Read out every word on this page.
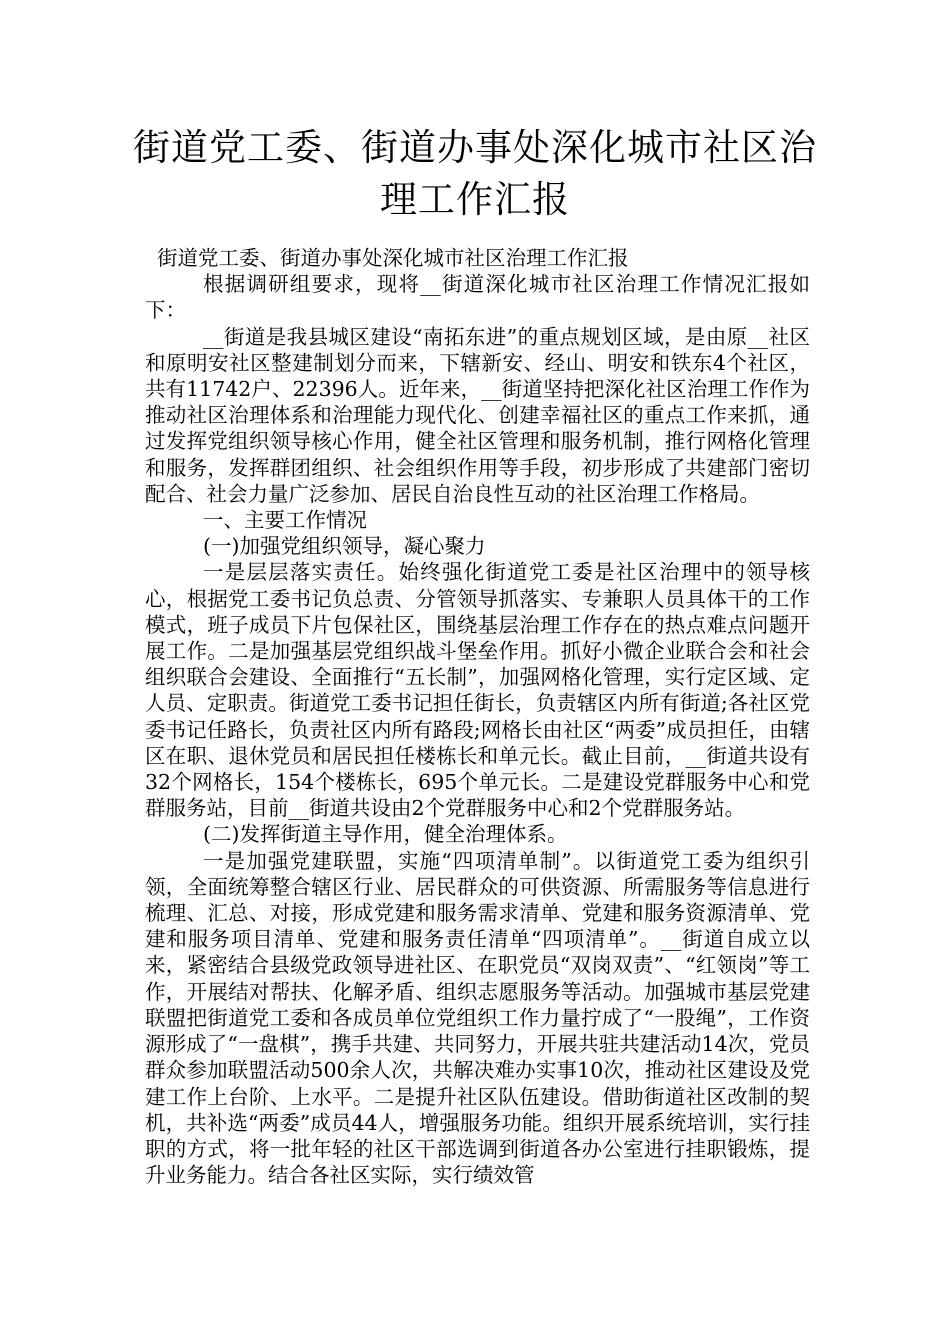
街道党工委、街道办事处深化城市社区治理工作汇报

街道党工委、街道办事处深化城市社区治理工作汇报

根据调研组要求，现将__街道深化城市社区治理工作情况汇报如下：

__街道是我县城区建设“南拓东进”的重点规划区域，是由原__社区和原明安社区整建制划分而来，下辖新安、经山、明安和铁东4个社区，共有11742户、22396人。近年来，__街道坚持把深化社区治理工作作为推动社区治理体系和治理能力现代化、创建幸福社区的重点工作来抓，通过发挥党组织领导核心作用，健全社区管理和服务机制，推行网格化管理和服务，发挥群团组织、社会组织作用等手段，初步形成了共建部门密切配合、社会力量广泛参加、居民自治良性互动的社区治理工作格局。

一、主要工作情况

(一)加强党组织领导，凝心聚力

一是层层落实责任。始终强化街道党工委是社区治理中的领导核心，根据党工委书记负总责、分管领导抓落实、专兼职人员具体干的工作模式，班子成员下片包保社区，围绕基层治理工作存在的热点难点问题开展工作。二是加强基层党组织战斗堡垒作用。抓好小微企业联合会和社会组织联合会建设、全面推行“五长制”，加强网格化管理，实行定区域、定人员、定职责。街道党工委书记担任街长，负责辖区内所有街道;各社区党委书记任路长，负责社区内所有路段;网格长由社区“两委”成员担任，由辖区在职、退休党员和居民担任楼栋长和单元长。截止目前，__街道共设有32个网格长，154个楼栋长，695个单元长。二是建设党群服务中心和党群服务站，目前__街道共设由2个党群服务中心和2个党群服务站。

(二)发挥街道主导作用，健全治理体系。

一是加强党建联盟，实施“四项清单制”。以街道党工委为组织引领，全面统筹整合辖区行业、居民群众的可供资源、所需服务等信息进行梳理、汇总、对接，形成党建和服务需求清单、党建和服务资源清单、党建和服务项目清单、党建和服务责任清单“四项清单”。__街道自成立以来，紧密结合县级党政领导进社区、在职党员“双岗双责”、“红领岗”等工作，开展结对帮扶、化解矛盾、组织志愿服务等活动。加强城市基层党建联盟把街道党工委和各成员单位党组织工作力量拧成了“一股绳”，工作资源形成了“一盘棋”，携手共建、共同努力，开展共驻共建活动14次，党员群众参加联盟活动500余人次，共解决难办实事10次，推动社区建设及党建工作上台阶、上水平。二是提升社区队伍建设。借助街道社区改制的契机，共补选“两委”成员44人，增强服务功能。组织开展系统培训，实行挂职的方式，将一批年轻的社区干部选调到街道各办公室进行挂职锻炼，提升业务能力。结合各社区实际，实行绩效管
